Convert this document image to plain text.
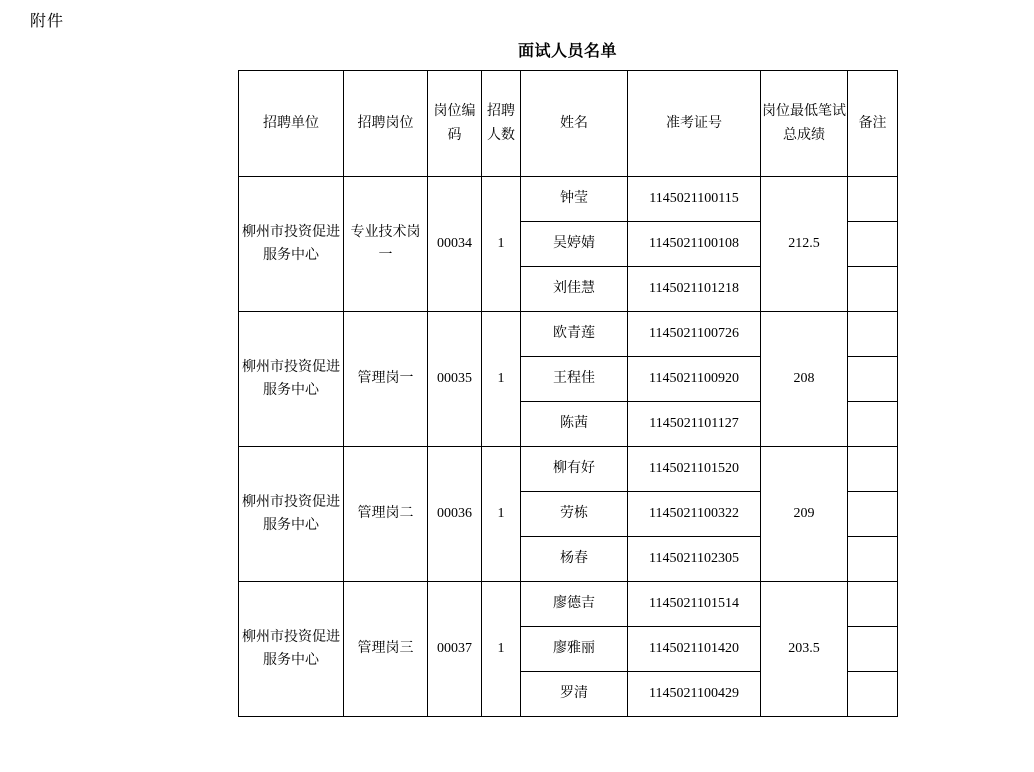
附件
面试人员名单
招聘单位	招聘岗位	岗位编码	招聘人数	姓名	准考证号	岗位最低笔试总成绩	备注
柳州市投资促进服务中心	专业技术岗一	00034	1	钟莹	1145021100115	212.5	
				吴婷婧	1145021100108		
				刘佳慧	1145021101218		
柳州市投资促进服务中心	管理岗一	00035	1	欧青莲	1145021100726	208	
				王程佳	1145021100920		
				陈茜	1145021101127		
柳州市投资促进服务中心	管理岗二	00036	1	柳有好	1145021101520	209	
				劳栋	1145021100322		
				杨春	1145021102305		
柳州市投资促进服务中心	管理岗三	00037	1	廖德吉	1145021101514	203.5	
				廖雅丽	1145021101420		
				罗清	1145021100429		
